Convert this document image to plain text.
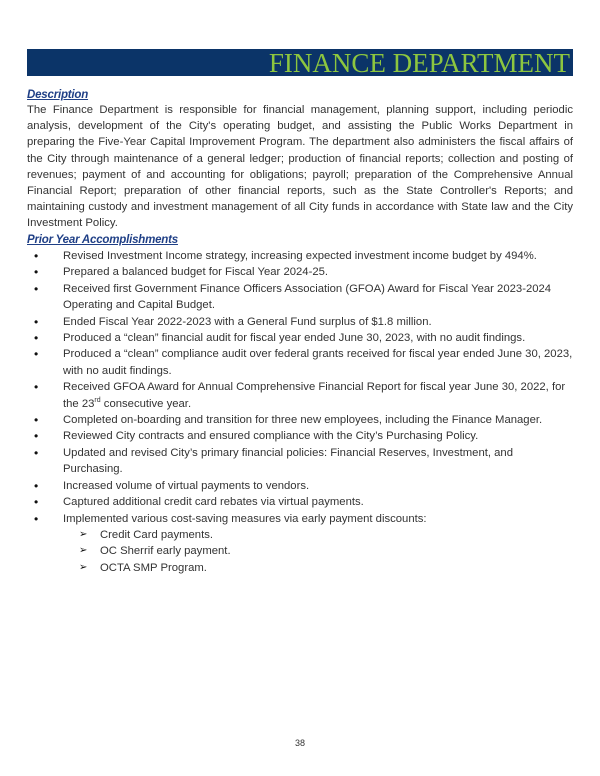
FINANCE DEPARTMENT
Description

The Finance Department is responsible for financial management, planning support, including periodic analysis, development of the City's operating budget, and assisting the Public Works Department in preparing the Five-Year Capital Improvement Program. The department also administers the fiscal affairs of the City through maintenance of a general ledger; production of financial reports; collection and posting of revenues; payment of and accounting for obligations; payroll; preparation of the Comprehensive Annual Financial Report; preparation of other financial reports, such as the State Controller's Reports; and maintaining custody and investment management of all City funds in accordance with State law and the City Investment Policy.

Prior Year Accomplishments
• Revised Investment Income strategy, increasing expected investment income budget by 494%.
• Prepared a balanced budget for Fiscal Year 2024-25.
• Received first Government Finance Officers Association (GFOA) Award for Fiscal Year 2023-2024 Operating and Capital Budget.
• Ended Fiscal Year 2022-2023 with a General Fund surplus of $1.8 million.
• Produced a “clean” financial audit for fiscal year ended June 30, 2023, with no audit findings.
• Produced a “clean” compliance audit over federal grants received for fiscal year ended June 30, 2023, with no audit findings.
• Received GFOA Award for Annual Comprehensive Financial Report for fiscal year June 30, 2022, for the 23rd consecutive year.
• Completed on-boarding and transition for three new employees, including the Finance Manager.
• Reviewed City contracts and ensured compliance with the City’s Purchasing Policy.
• Updated and revised City’s primary financial policies: Financial Reserves, Investment, and Purchasing.
• Increased volume of virtual payments to vendors.
• Captured additional credit card rebates via virtual payments.
• Implemented various cost-saving measures via early payment discounts:
➢ Credit Card payments.
➢ OC Sherrif early payment.
➢ OCTA SMP Program.
38
